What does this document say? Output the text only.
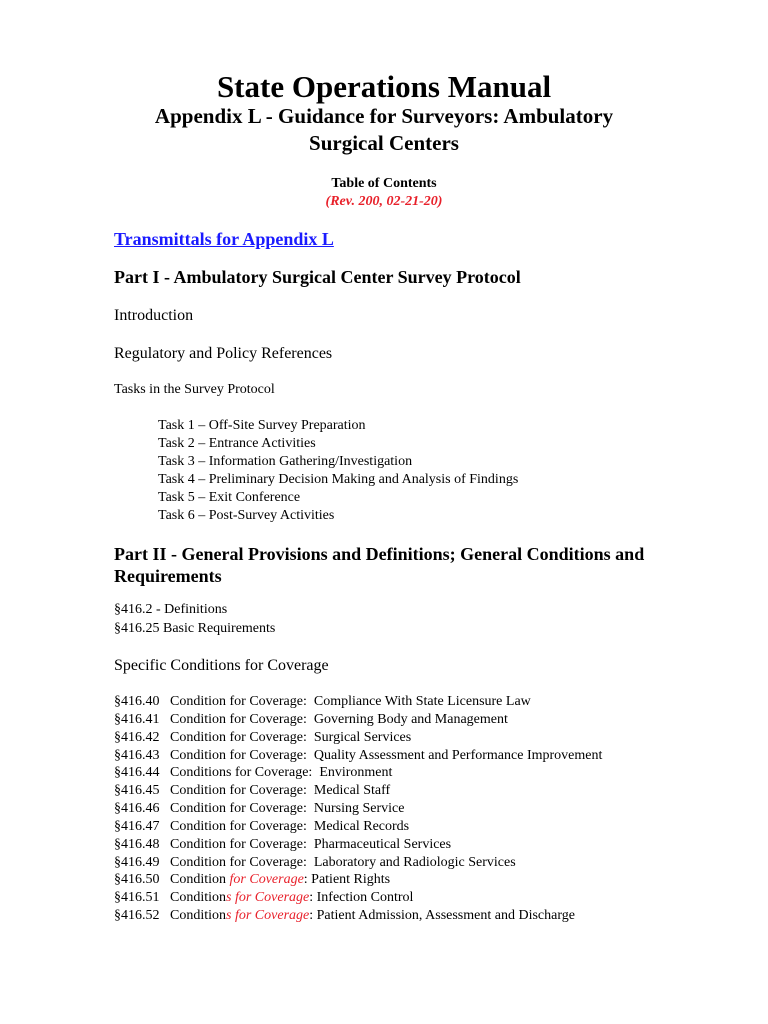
State Operations Manual
Appendix L - Guidance for Surveyors: Ambulatory
Surgical Centers
Table of Contents
(Rev. 200, 02-21-20)
Transmittals for Appendix L
Part I - Ambulatory Surgical Center Survey Protocol
Introduction
Regulatory and Policy References
Tasks in the Survey Protocol
Task 1 – Off-Site Survey Preparation
Task 2 – Entrance Activities
Task 3 – Information Gathering/Investigation
Task 4 – Preliminary Decision Making and Analysis of Findings
Task 5 – Exit Conference
Task 6 – Post-Survey Activities
Part II - General Provisions and Definitions; General Conditions and
Requirements
§416.2 - Definitions
§416.25 Basic Requirements
Specific Conditions for Coverage
§416.40 Condition for Coverage:  Compliance With State Licensure Law
§416.41 Condition for Coverage:  Governing Body and Management
§416.42 Condition for Coverage:  Surgical Services
§416.43 Condition for Coverage:  Quality Assessment and Performance Improvement
§416.44 Conditions for Coverage:  Environment
§416.45 Condition for Coverage:  Medical Staff
§416.46 Condition for Coverage:  Nursing Service
§416.47 Condition for Coverage:  Medical Records
§416.48 Condition for Coverage:  Pharmaceutical Services
§416.49 Condition for Coverage:  Laboratory and Radiologic Services
§416.50 Condition for Coverage: Patient Rights
§416.51 Conditions for Coverage: Infection Control
§416.52 Conditions for Coverage: Patient Admission, Assessment and Discharge
